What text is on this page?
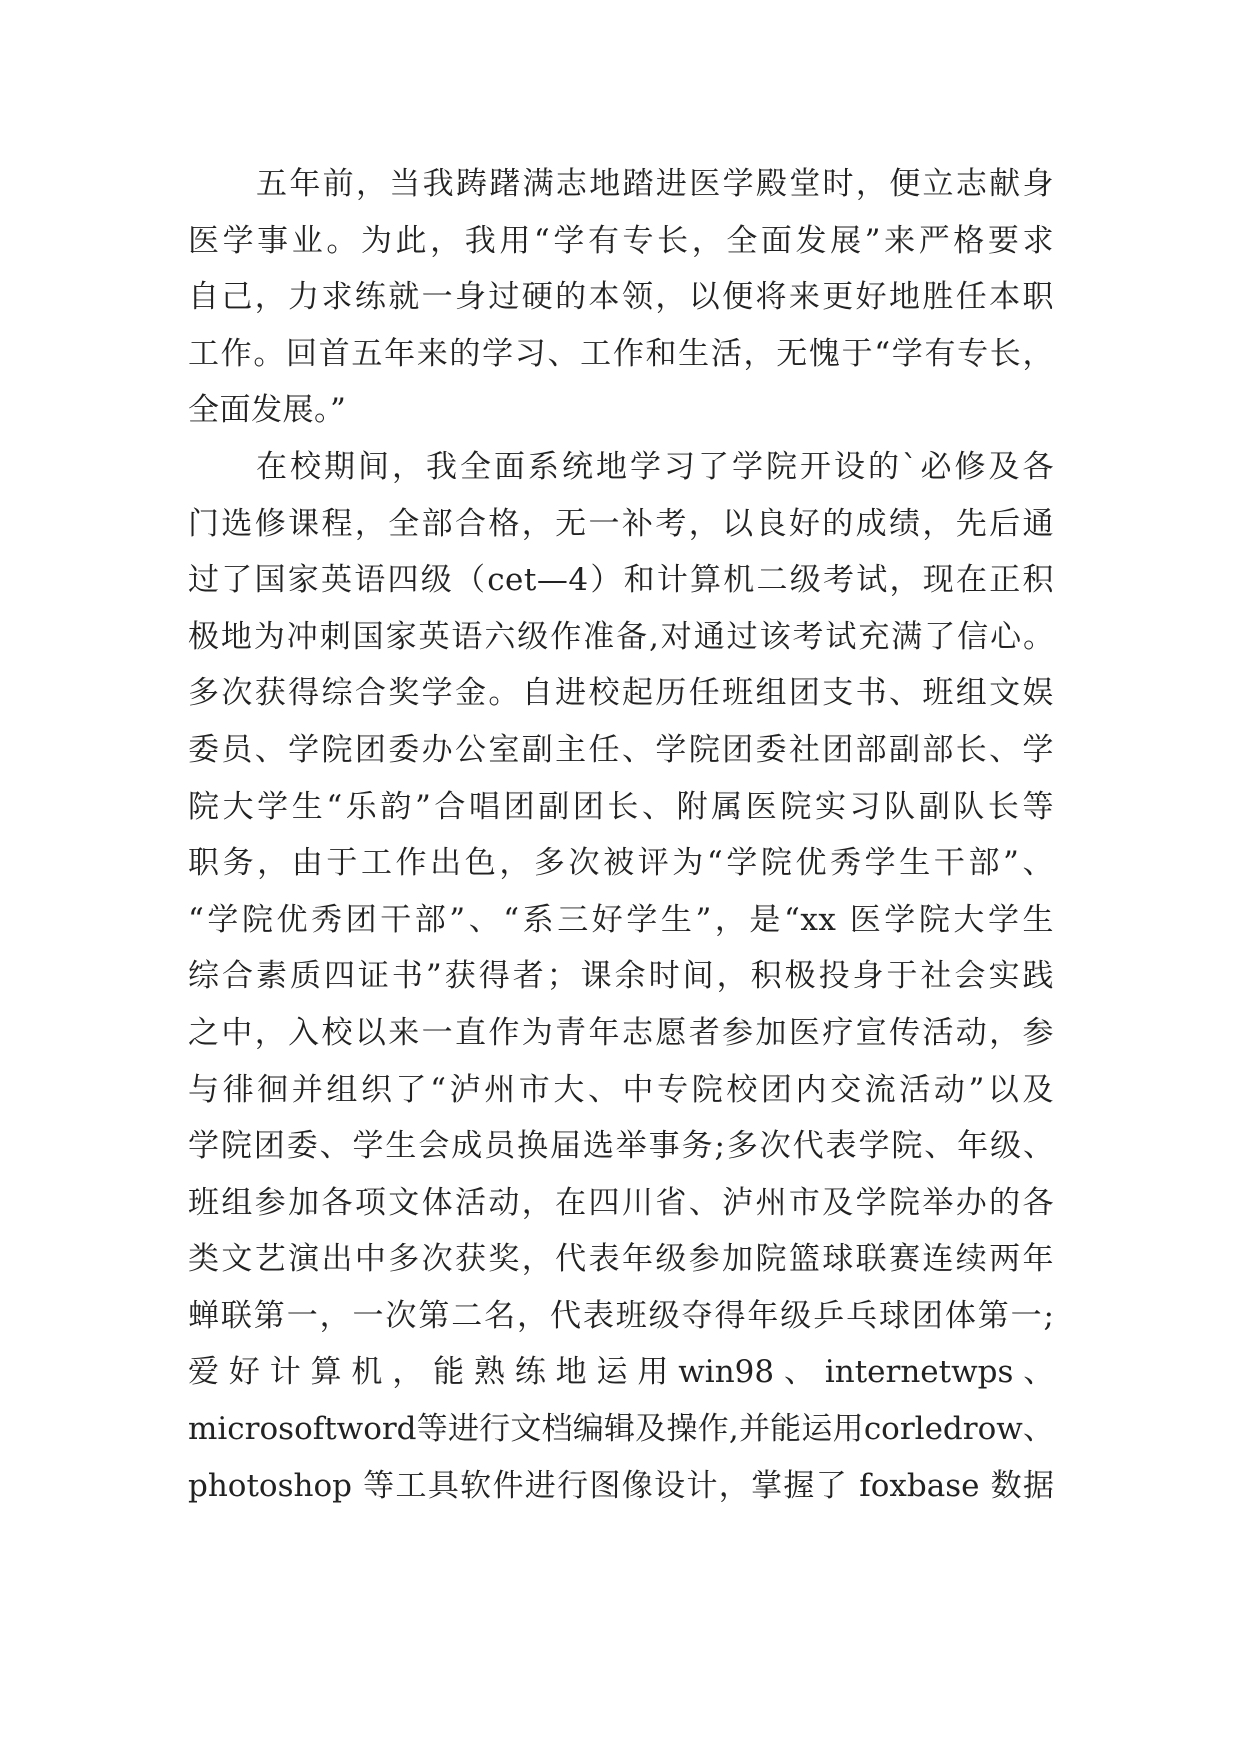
五年前，当我踌躇满志地踏进医学殿堂时，便立志献身
医学事业。为此，我用“学有专长，全面发展”来严格要求
自己，力求练就一身过硬的本领，以便将来更好地胜任本职
工作。回首五年来的学习、工作和生活，无愧于“学有专长，
全面发展。”
在校期间，我全面系统地学习了学院开设的`必修及各
门选修课程，全部合格，无一补考，以良好的成绩，先后通
过了国家英语四级（cet—4）和计算机二级考试，现在正积
极地为冲刺国家英语六级作准备,对通过该考试充满了信心。
多次获得综合奖学金。自进校起历任班组团支书、班组文娱
委员、学院团委办公室副主任、学院团委社团部副部长、学
院大学生“乐韵”合唱团副团长、附属医院实习队副队长等
职务，由于工作出色，多次被评为“学院优秀学生干部”、
“学院优秀团干部”、“系三好学生”，是“xx 医学院大学生
综合素质四证书”获得者；课余时间，积极投身于社会实践
之中，入校以来一直作为青年志愿者参加医疗宣传活动，参
与徘徊并组织了“泸州市大、中专院校团内交流活动”以及
学院团委、学生会成员换届选举事务;多次代表学院、年级、
班组参加各项文体活动，在四川省、泸州市及学院举办的各
类文艺演出中多次获奖，代表年级参加院篮球联赛连续两年
蝉联第一，一次第二名，代表班级夺得年级乒乓球团体第一;
爱 好 计 算 机 ， 能 熟 练 地 运 用 win98 、 internetwps 、
microsoftword等进行文档编辑及操作,并能运用corledrow、
photoshop 等工具软件进行图像设计，掌握了 foxbase 数据
